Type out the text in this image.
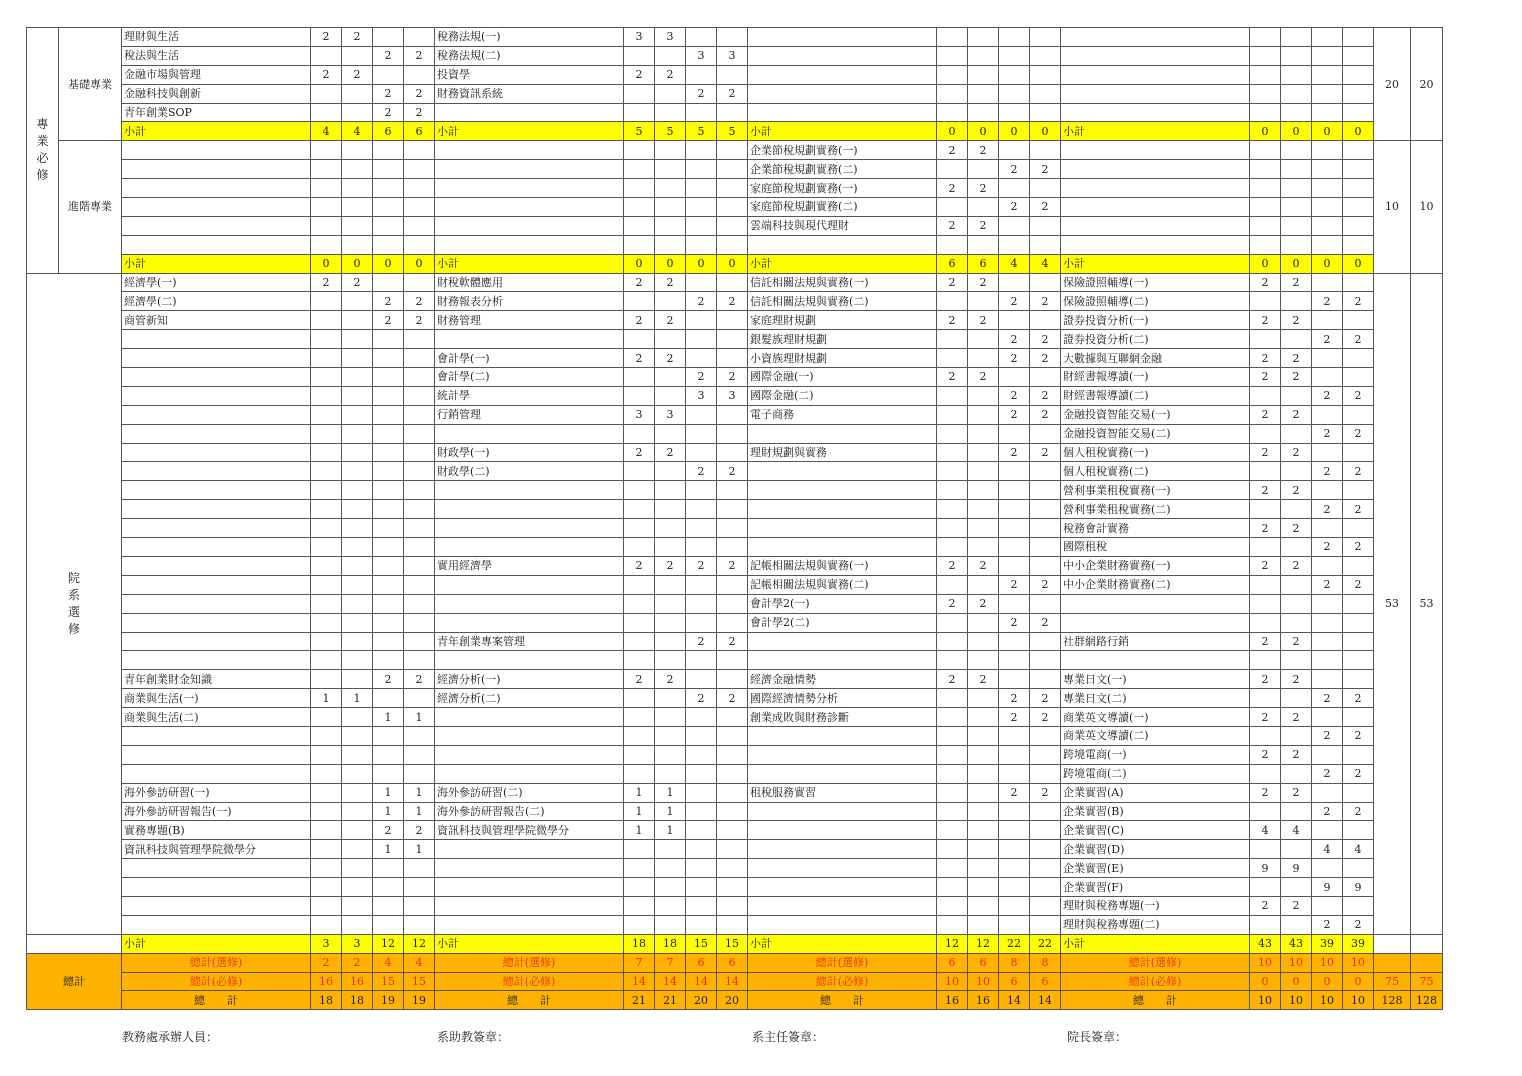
專業必修	基礎專業	理財與生活	2	2			稅務法規(一)	3	3													20	20
		稅法與生活			2	2	稅務法規(二)			3	3												
		金融市場與管理	2	2			投資學	2	2														
		金融科技與創新			2	2	財務資訊系統			2	2												
		青年創業SOP			2	2																	
		小計	4	4	6	6	小計	5	5	5	5	小計	0	0	0	0	小計	0	0	0	0		
	進階專業											企業節稅規劃實務(一)	2	2								10	10
												企業節稅規劃實務(二)			2	2							
												家庭節稅規劃實務(一)	2	2									
												家庭節稅規劃實務(二)			2	2							
												雲端科技與現代理財	2	2									

		小計	0	0	0	0	小計	0	0	0	0	小計	6	6	4	4	小計	0	0	0	0		
院系選修		經濟學(一)	2	2			財稅軟體應用	2	2			信託相關法規與實務(一)	2	2			保險證照輔導(一)	2	2			53	53
		經濟學(二)			2	2	財務報表分析			2	2	信託相關法規與實務(二)			2	2	保險證照輔導(二)			2	2		
		商管新知			2	2	財務管理	2	2			家庭理財規劃	2	2			證券投資分析(一)	2	2				
												銀髮族理財規劃			2	2	證券投資分析(二)			2	2		
							會計學(一)	2	2			小資族理財規劃			2	2	大數據與互聯網金融	2	2				
							會計學(二)			2	2	國際金融(一)	2	2			財經書報導讀(一)	2	2				
							統計學			3	3	國際金融(二)			2	2	財經書報導讀(二)			2	2		
							行銷管理	3	3			電子商務			2	2	金融投資智能交易(一)	2	2				
																	金融投資智能交易(二)			2	2		
							財政學(一)	2	2			理財規劃與實務			2	2	個人租稅實務(一)	2	2				
							財政學(二)			2	2						個人租稅實務(二)			2	2		
																	營利事業租稅實務(一)	2	2				
																	營利事業租稅實務(二)			2	2		
																	稅務會計實務	2	2				
																	國際租稅			2	2		
							實用經濟學	2	2	2	2	記帳相關法規與實務(一)	2	2			中小企業財務實務(一)	2	2				
												記帳相關法規與實務(二)			2	2	中小企業財務實務(二)			2	2		
												會計學2(一)	2	2									
												會計學2(二)			2	2							
							青年創業專案管理			2	2						社群網路行銷	2	2				

		青年創業財金知識			2	2	經濟分析(一)	2	2			經濟金融情勢	2	2			專業日文(一)	2	2				
		商業與生活(一)	1	1			經濟分析(二)			2	2	國際經濟情勢分析			2	2	專業日文(二)			2	2		
		商業與生活(二)			1	1						創業成敗與財務診斷			2	2	商業英文導讀(一)	2	2				
																	商業英文導讀(二)			2	2		
																	跨境電商(一)	2	2				
																	跨境電商(二)			2	2		
		海外參訪研習(一)			1	1	海外參訪研習(二)	1	1			租稅服務實習			2	2	企業實習(A)	2	2				
		海外參訪研習報告(一)			1	1	海外參訪研習報告(二)	1	1								企業實習(B)			2	2		
		實務專題(B)			2	2	資訊科技與管理學院微學分	1	1								企業實習(C)	4	4				
		資訊科技與管理學院微學分			1	1											企業實習(D)			4	4		
																	企業實習(E)	9	9				
																	企業實習(F)			9	9		
																	理財與稅務專題(一)	2	2				
																	理財與稅務專題(二)			2	2		
		小計	3	3	12	12	小計	18	18	15	15	小計	12	12	22	22	小計	43	43	39	39		
總計		總計(選修)	2	2	4	4	總計(選修)	7	7	6	6	總計(選修)	6	6	8	8	總計(選修)	10	10	10	10		
		總計(必修)	16	16	15	15	總計(必修)	14	14	14	14	總計(必修)	10	10	6	6	總計(必修)	0	0	0	0	75	75
		總　　計	18	18	19	19	總　　計	21	21	20	20	總　　計	16	16	14	14	總　　計	10	10	10	10	128	128
教務處承辦人員：	系助教簽章：	系主任簽章：	院長簽章：
